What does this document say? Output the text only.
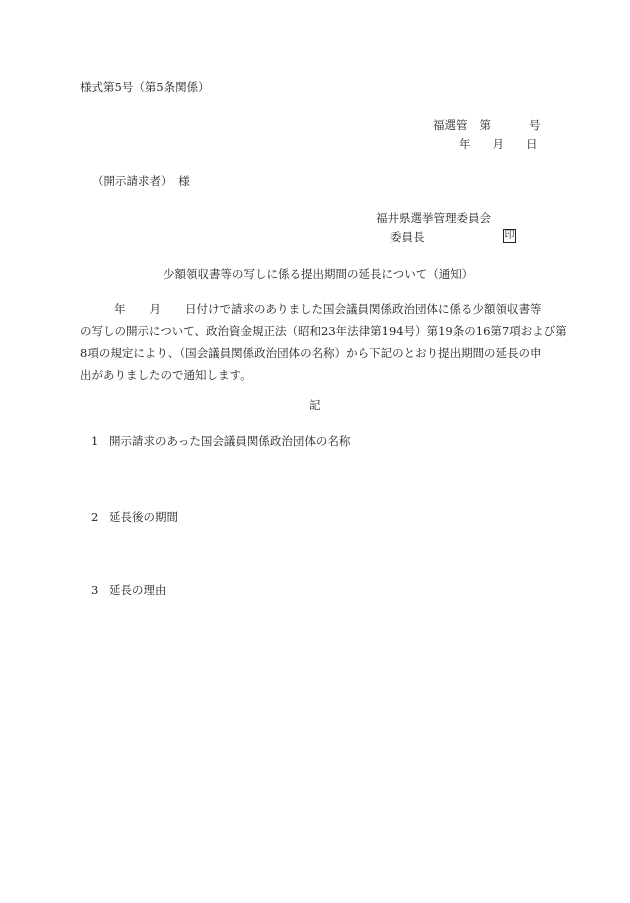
様式第5号（第5条関係）
福選管 第	号
年 月 日
（開示請求者）　様
福井県選挙管理委員会
委員長	印
少額領収書等の写しに係る提出期間の延長について（通知）
年 月 日付けで請求のありました国会議員関係政治団体に係る少額領収書等
の写しの開示について、政治資金規正法（昭和23年法律第194号）第19条の16第7項および第
8項の規定により、（国会議員関係政治団体の名称）から下記のとおり提出期間の延長の申
出がありましたので通知します。
記
1 開示請求のあった国会議員関係政治団体の名称
2 延長後の期間
3 延長の理由
